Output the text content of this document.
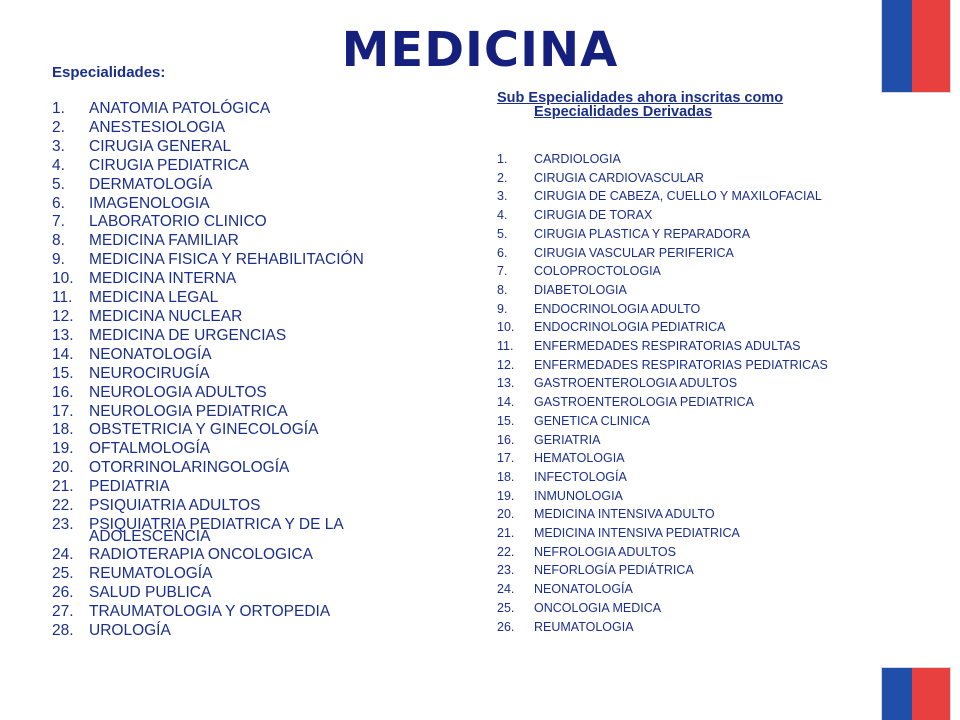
MEDICINA
Especialidades:
1.	ANATOMIA PATOLÓGICA
2.	ANESTESIOLOGIA
3.	CIRUGIA GENERAL
4.	CIRUGIA PEDIATRICA
5.	DERMATOLOGÍA
6.	IMAGENOLOGIA
7.	LABORATORIO CLINICO
8.	MEDICINA FAMILIAR
9.	MEDICINA FISICA Y REHABILITACIÓN
10. MEDICINA INTERNA
11.	MEDICINA LEGAL
12. MEDICINA NUCLEAR
13. MEDICINA DE URGENCIAS
14. NEONATOLOGÍA
15. NEUROCIRUGÍA
16. NEUROLOGIA ADULTOS
17. NEUROLOGIA PEDIATRICA
18. OBSTETRICIA Y GINECOLOGÍA
19. OFTALMOLOGÍA
20. OTORRINOLARINGOLOGÍA
21. PEDIATRIA
22. PSIQUIATRIA ADULTOS
23. PSIQUIATRIA PEDIATRICA Y DE LA ADOLESCENCIA
24. RADIOTERAPIA ONCOLOGICA
25. REUMATOLOGÍA
26. SALUD PUBLICA
27. TRAUMATOLOGIA Y ORTOPEDIA
28. UROLOGÍA
Sub Especialidades ahora inscritas como
Especialidades Derivadas
1.	CARDIOLOGIA
2.	CIRUGIA CARDIOVASCULAR
3.	CIRUGIA DE CABEZA, CUELLO Y MAXILOFACIAL
4.	CIRUGIA DE TORAX
5.	CIRUGIA PLASTICA Y REPARADORA
6.	CIRUGIA VASCULAR PERIFERICA
7.	COLOPROCTOLOGIA
8.	DIABETOLOGIA
9.	ENDOCRINOLOGIA ADULTO
10.	ENDOCRINOLOGIA PEDIATRICA
11.	ENFERMEDADES RESPIRATORIAS ADULTAS
12.	ENFERMEDADES RESPIRATORIAS PEDIATRICAS
13.	GASTROENTEROLOGIA ADULTOS
14.	GASTROENTEROLOGIA PEDIATRICA
15.	GENETICA CLINICA
16.	GERIATRIA
17.	HEMATOLOGIA
18.	INFECTOLOGÍA
19.	INMUNOLOGIA
20.	MEDICINA INTENSIVA ADULTO
21.	MEDICINA INTENSIVA PEDIATRICA
22.	NEFROLOGIA ADULTOS
23.	NEFORLOGÍA PEDIÁTRICA
24.	NEONATOLOGÍA
25.	ONCOLOGIA MEDICA
26.	REUMATOLOGIA
